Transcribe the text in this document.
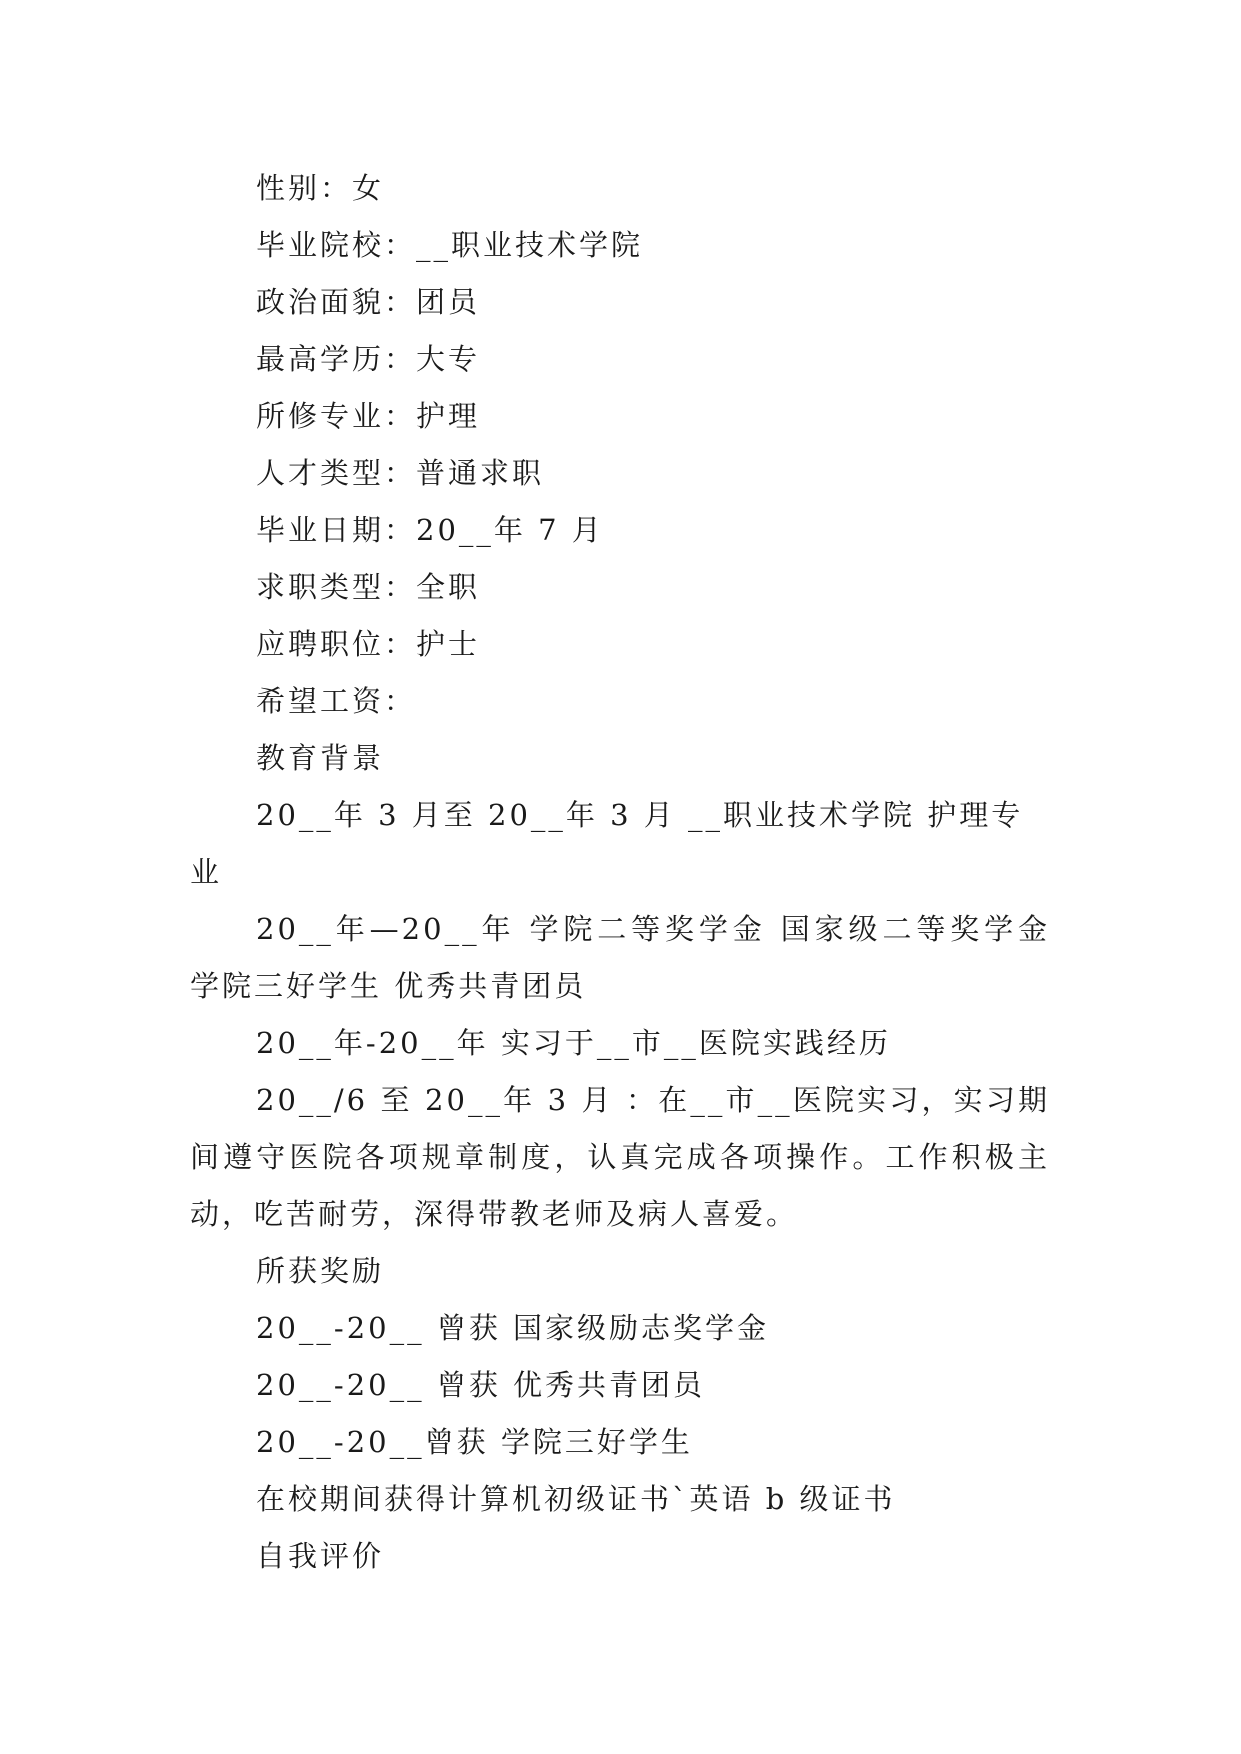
性别：女

毕业院校：__职业技术学院

政治面貌：团员

最高学历：大专

所修专业：护理

人才类型：普通求职

毕业日期：20__年 7 月

求职类型：全职

应聘职位：护士

希望工资：

教育背景

20__年 3 月至 20__年 3 月 __职业技术学院 护理专业

20__年—20__年 学院二等奖学金 国家级二等奖学金 学院三好学生 优秀共青团员

20__年-20__年 实习于__市__医院实践经历

20__/6 至 20__年 3 月 ：在__市__医院实习，实习期间遵守医院各项规章制度，认真完成各项操作。工作积极主动，吃苦耐劳，深得带教老师及病人喜爱。

所获奖励

20__-20__ 曾获 国家级励志奖学金

20__-20__ 曾获 优秀共青团员

20__-20__曾获 学院三好学生

在校期间获得计算机初级证书`英语 b 级证书

自我评价
